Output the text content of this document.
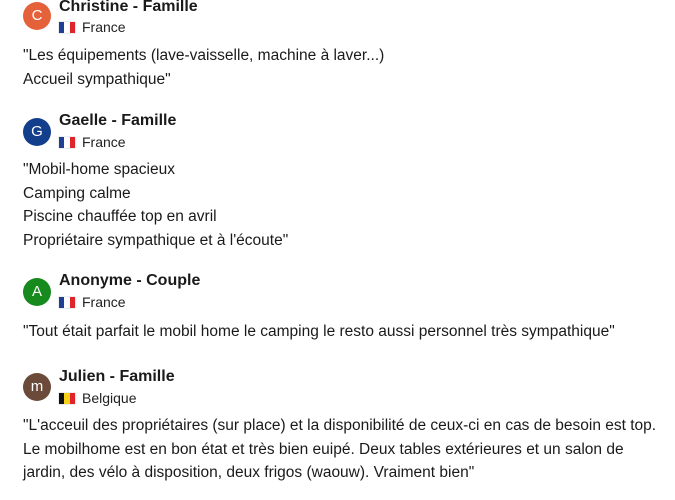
C
Christine - Famille
France
"Les équipements (lave-vaisselle, machine à laver...)
Accueil sympathique"
G
Gaelle - Famille
France
"Mobil-home spacieux
Camping calme
Piscine chauffée top en avril
Propriétaire sympathique et à l'écoute"
A
Anonyme - Couple
France
"Tout était parfait le mobil home le camping le resto aussi personnel très sympathique"
m
Julien - Famille
Belgique
"L'acceuil des propriétaires (sur place) et la disponibilité de ceux-ci en cas de besoin est top. Le mobilhome est en bon état et très bien euipé. Deux tables extérieures et un salon de jardin, des vélo à disposition, deux frigos (waouw). Vraiment bien"
